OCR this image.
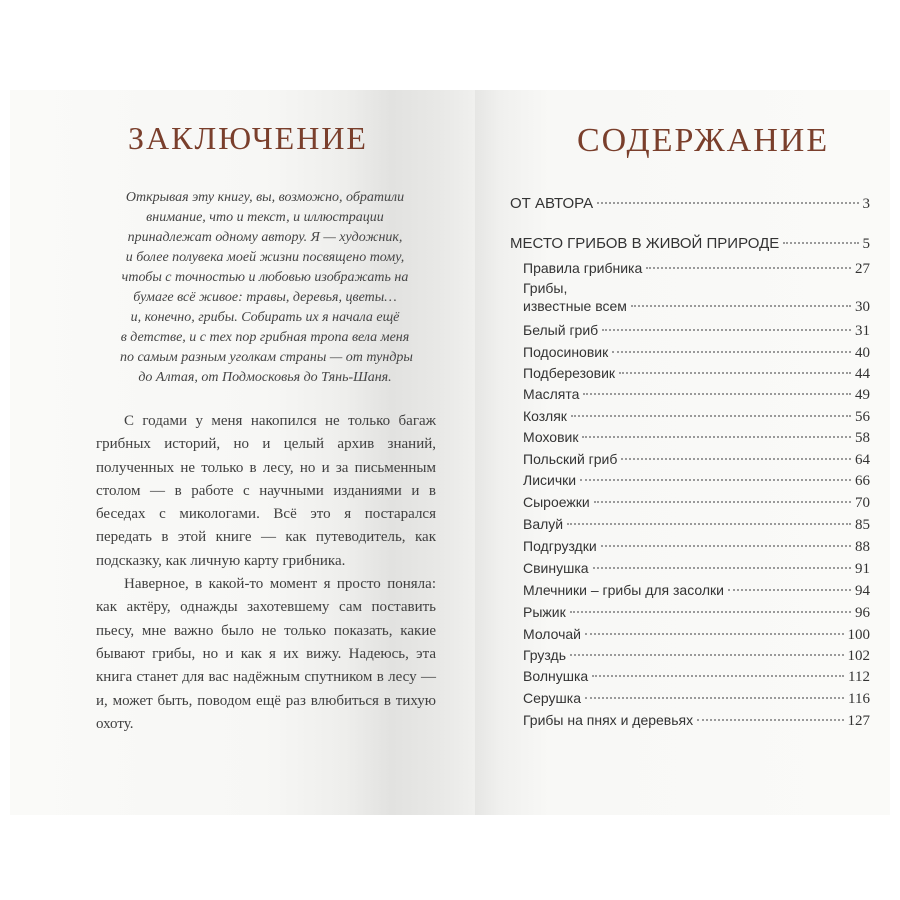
ЗАКЛЮЧЕНИЕ
Открывая эту книгу, вы, возможно, обратили
внимание, что и текст, и иллюстрации
принадлежат одному автору. Я — художник,
и более полувека моей жизни посвящено тому,
чтобы с точностью и любовью изображать на
бумаге всё живое: травы, деревья, цветы…
и, конечно, грибы. Собирать их я начала ещё
в детстве, и с тех пор грибная тропа вела меня
по самым разным уголкам страны — от тундры
до Алтая, от Подмосковья до Тянь-Шаня.

С годами у меня накопился не только багаж грибных историй, но и целый архив знаний, полученных не только в лесу, но и за письменным столом — в работе с научными изданиями и в беседах с микологами. Всё это я постарался передать в этой книге — как путеводитель, как подсказку, как личную карту грибника.

Наверное, в какой-то момент я просто поняла: как актёру, однажды захотевшему сам поставить пьесу, мне важно было не только показать, какие бывают грибы, но и как я их вижу. Надеюсь, эта книга станет для вас надёжным спутником в лесу — и, может быть, поводом ещё раз влюбиться в тихую охоту.

СОДЕРЖАНИЕ
ОТ АВТОРА	3
МЕСТО ГРИБОВ В ЖИВОЙ ПРИРОДЕ	5
Правила грибника	27
Грибы,
известные всем	30
Белый гриб	31
Подосиновик	40
Подберезовик	44
Маслята	49
Козляк	56
Моховик	58
Польский гриб	64
Лисички	66
Сыроежки	70
Валуй	85
Подгруздки	88
Свинушка	91
Млечники – грибы для засолки	94
Рыжик	96
Молочай	100
Груздь	102
Волнушка	112
Серушка	116
Грибы на пнях и деревьях	127
